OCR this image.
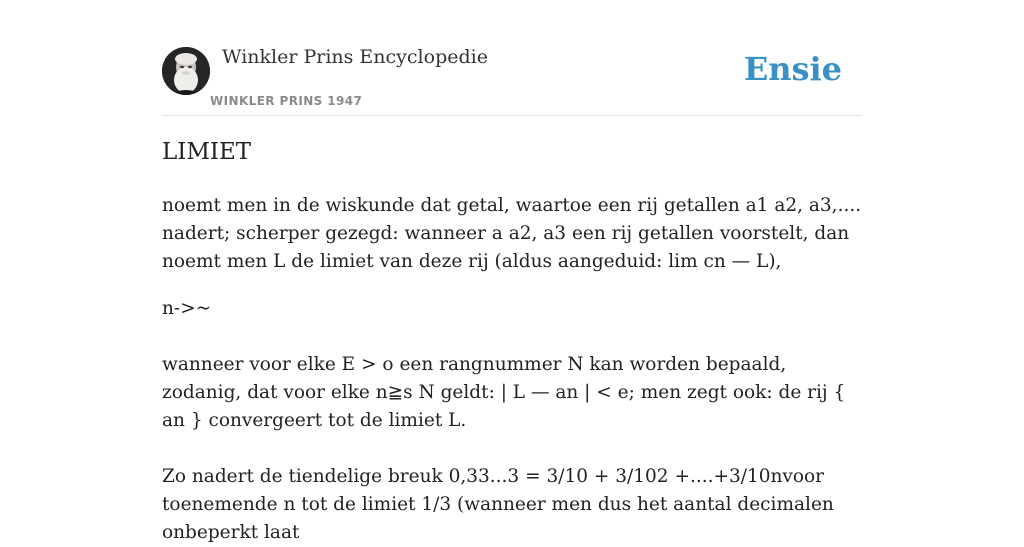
Winkler Prins Encyclopedie
WINKLER PRINS 1947
Ensie
LIMIET

noemt men in de wiskunde dat getal, waartoe een rij getallen a1 a2, a3,.... nadert; scherper gezegd: wanneer a a2, a3 een rij getallen voorstelt, dan noemt men L de limiet van deze rij (aldus aangeduid: lim cn — L),

n->~

wanneer voor elke E > o een rangnummer N kan worden bepaald, zodanig, dat voor elke n≧s N geldt: | L — an | < e; men zegt ook: de rij { an } convergeert tot de limiet L.

Zo nadert de tiendelige breuk 0,33...3 = 3/10 + 3/102 +....+3/10nvoor toenemende n tot de limiet 1/3 (wanneer men dus het aantal decimalen onbeperkt laat
